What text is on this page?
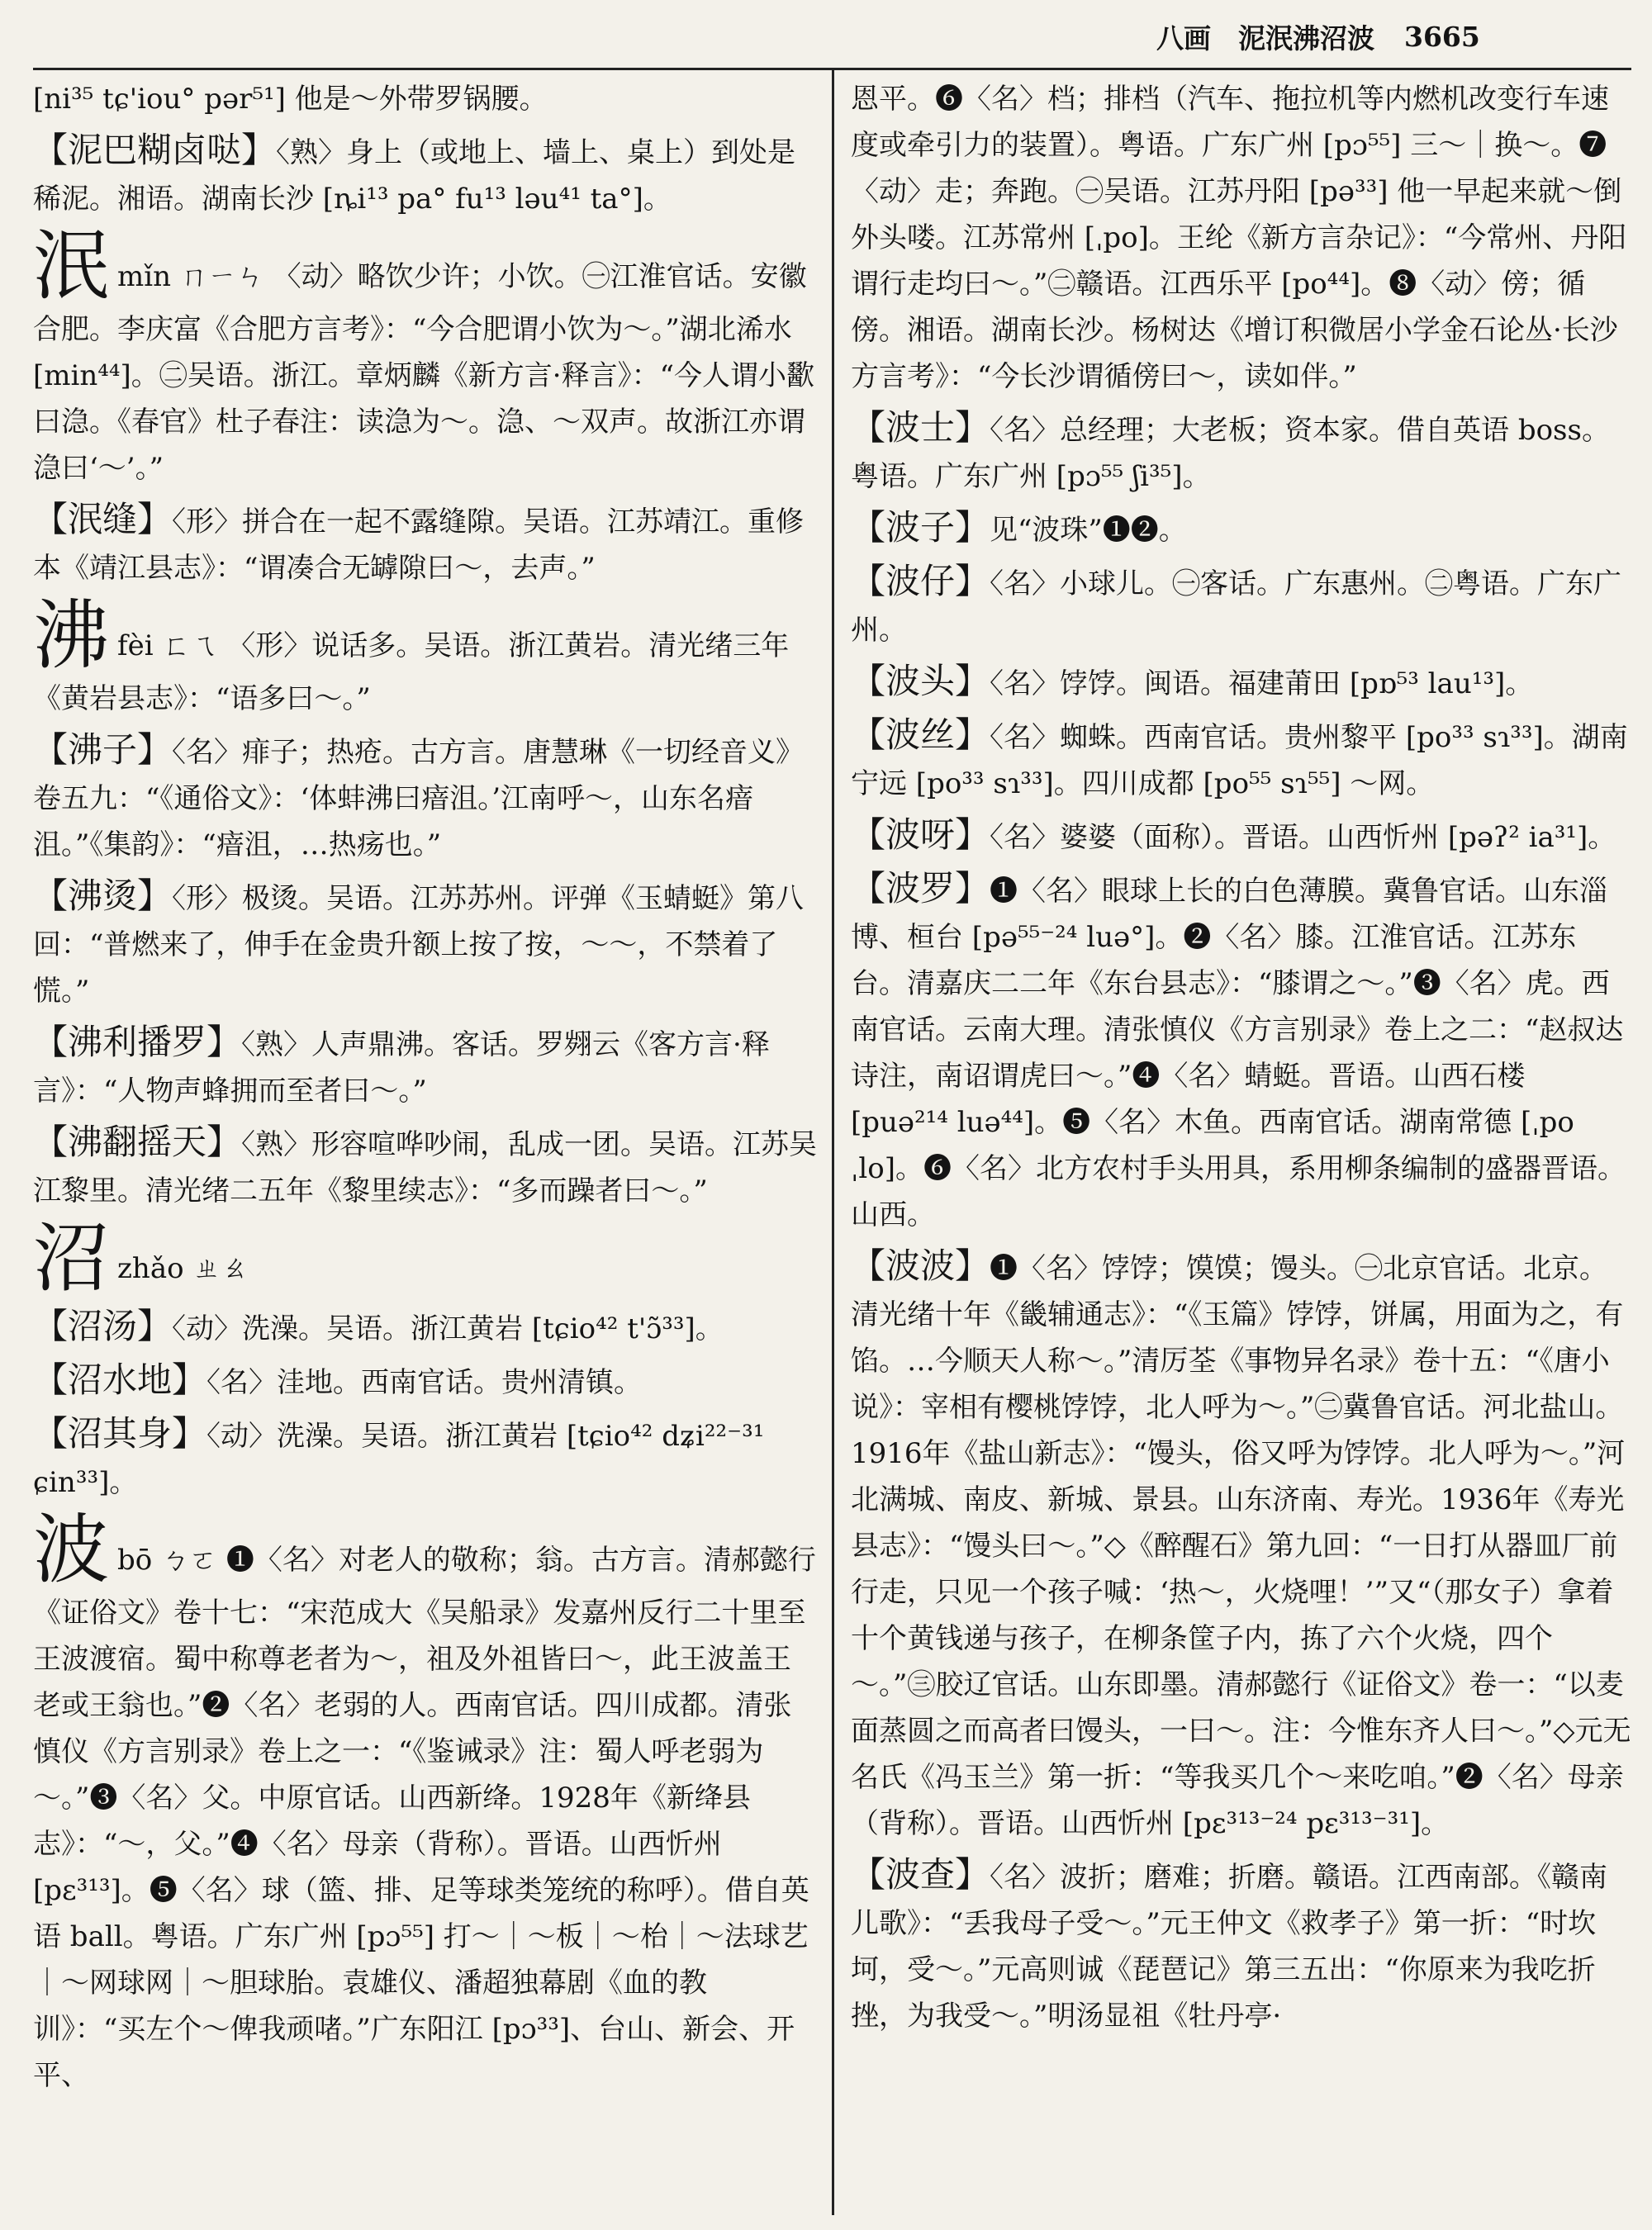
八画　泥泯沸沼波 3665

[ni³⁵ tɕ'iou° pər⁵¹] 他是～外带罗锅腰。

【泥巴糊卤哒】〈熟〉身上（或地上、墙上、桌上）到处是稀泥。湘语。湖南长沙 [ȵi¹³ pa° fu¹³ ləu⁴¹ ta°]。

泯mǐn ㄇㄧㄣ 〈动〉略饮少许；小饮。㊀江淮官话。安徽合肥。李庆富《合肥方言考》：“今合肥谓小饮为～。”湖北浠水 [min⁴⁴]。㊁吴语。浙江。章炳麟《新方言·释言》：“今人谓小歠曰㴔。《春官》杜子春注：读㴔为～。㴔、～双声。故浙江亦谓㴔曰‘～’。”

【泯缝】〈形〉拼合在一起不露缝隙。吴语。江苏靖江。重修本《靖江县志》：“谓凑合无罅隙曰～，去声。”

沸fèi ㄈㄟ 〈形〉说话多。吴语。浙江黄岩。清光绪三年《黄岩县志》：“语多曰～。”

【沸子】〈名〉痱子；热疮。古方言。唐慧琳《一切经音义》卷五九：“《通俗文》：‘体蚌沸曰瘖沮。’江南呼～，山东名瘖沮。”《集韵》：“瘖沮，…热疡也。”

【沸烫】〈形〉极烫。吴语。江苏苏州。评弹《玉蜻蜓》第八回：“普燃来了，伸手在金贵升额上按了按，～～，不禁着了慌。”

【沸利播罗】〈熟〉人声鼎沸。客话。罗翙云《客方言·释言》：“人物声蜂拥而至者曰～。”

【沸翻摇天】〈熟〉形容喧哗吵闹，乱成一团。吴语。江苏吴江黎里。清光绪二五年《黎里续志》：“多而躁者曰～。”

沼zhǎo ㄓㄠ

【沼汤】〈动〉洗澡。吴语。浙江黄岩 [tɕio⁴² t'ɔ̃³³]。

【沼水地】〈名〉洼地。西南官话。贵州清镇。

【沼其身】〈动〉洗澡。吴语。浙江黄岩 [tɕio⁴² dʑi²²⁻³¹ ɕin³³]。

波bō ㄅㄛ ❶〈名〉对老人的敬称；翁。古方言。清郝懿行《证俗文》卷十七：“宋范成大《吴船录》发嘉州反行二十里至王波渡宿。蜀中称尊老者为～，祖及外祖皆曰～，此王波盖王老或王翁也。”❷〈名〉老弱的人。西南官话。四川成都。清张慎仪《方言别录》卷上之一：“《鉴诫录》注：蜀人呼老弱为～。”❸〈名〉父。中原官话。山西新绛。1928年《新绛县志》：“～，父。”❹〈名〉母亲（背称）。晋语。山西忻州 [pɛ³¹³]。❺〈名〉球（篮、排、足等球类笼统的称呼）。借自英语 ball。粤语。广东广州 [pɔ⁵⁵] 打～｜～板｜～枱｜～法球艺｜～网球网｜～胆球胎。袁雄仪、潘超独幕剧《血的教训》：“买左个～俾我顽啫。”广东阳江 [pɔ³³]、台山、新会、开平、

恩平。❻〈名〉档；排档（汽车、拖拉机等内燃机改变行车速度或牵引力的装置）。粤语。广东广州 [pɔ⁵⁵] 三～｜换～。❼〈动〉走；奔跑。㊀吴语。江苏丹阳 [pə³³] 他一早起来就～倒外头喽。江苏常州 [ˌpo]。王纶《新方言杂记》：“今常州、丹阳谓行走均曰～。”㊁赣语。江西乐平 [po⁴⁴]。❽〈动〉傍；循傍。湘语。湖南长沙。杨树达《增订积微居小学金石论丛·长沙方言考》：“今长沙谓循傍曰～，读如伴。”

【波士】〈名〉总经理；大老板；资本家。借自英语 boss。粤语。广东广州 [pɔ⁵⁵ ʃi³⁵]。

【波子】见“波珠”❶❷。

【波仔】〈名〉小球儿。㊀客话。广东惠州。㊁粤语。广东广州。

【波头】〈名〉饽饽。闽语。福建莆田 [pɒ⁵³ lau¹³]。

【波丝】〈名〉蜘蛛。西南官话。贵州黎平 [po³³ sɿ³³]。湖南宁远 [po³³ sɿ³³]。四川成都 [po⁵⁵ sɿ⁵⁵] ～网。

【波呀】〈名〉婆婆（面称）。晋语。山西忻州 [pəʔ² ia³¹]。

【波罗】❶〈名〉眼球上长的白色薄膜。冀鲁官话。山东淄博、桓台 [pə⁵⁵⁻²⁴ luə°]。❷〈名〉膝。江淮官话。江苏东台。清嘉庆二二年《东台县志》：“膝谓之～。”❸〈名〉虎。西南官话。云南大理。清张慎仪《方言别录》卷上之二：“赵叔达诗注，南诏谓虎曰～。”❹〈名〉蜻蜓。晋语。山西石楼 [puə²¹⁴ luə⁴⁴]。❺〈名〉木鱼。西南官话。湖南常德 [ˌpo ˌlo]。❻〈名〉北方农村手头用具，系用柳条编制的盛器晋语。山西。

【波波】❶〈名〉饽饽；馍馍；馒头。㊀北京官话。北京。清光绪十年《畿辅通志》：“《玉篇》饽饽，饼属，用面为之，有馅。…今顺天人称～。”清厉荃《事物异名录》卷十五：“《唐小说》：宰相有樱桃饽饽，北人呼为～。”㊁冀鲁官话。河北盐山。1916年《盐山新志》：“馒头，俗又呼为饽饽。北人呼为～。”河北满城、南皮、新城、景县。山东济南、寿光。1936年《寿光县志》：“馒头曰～。”◇《醉醒石》第九回：“一日打从器皿厂前行走，只见一个孩子喊：‘热～，火烧哩！’”又“（那女子）拿着十个黄钱递与孩子，在柳条筐子内，拣了六个火烧，四个～。”㊂胶辽官话。山东即墨。清郝懿行《证俗文》卷一：“以麦面蒸圆之而高者曰馒头，一曰～。注：今惟东齐人曰～。”◇元无名氏《冯玉兰》第一折：“等我买几个～来吃咱。”❷〈名〉母亲（背称）。晋语。山西忻州 [pɛ³¹³⁻²⁴ pɛ³¹³⁻³¹]。

【波查】〈名〉波折；磨难；折磨。赣语。江西南部。《赣南儿歌》：“丢我母子受～。”元王仲文《救孝子》第一折：“时坎坷，受～。”元高则诚《琵琶记》第三五出：“你原来为我吃折挫，为我受～。”明汤显祖《牡丹亭·
